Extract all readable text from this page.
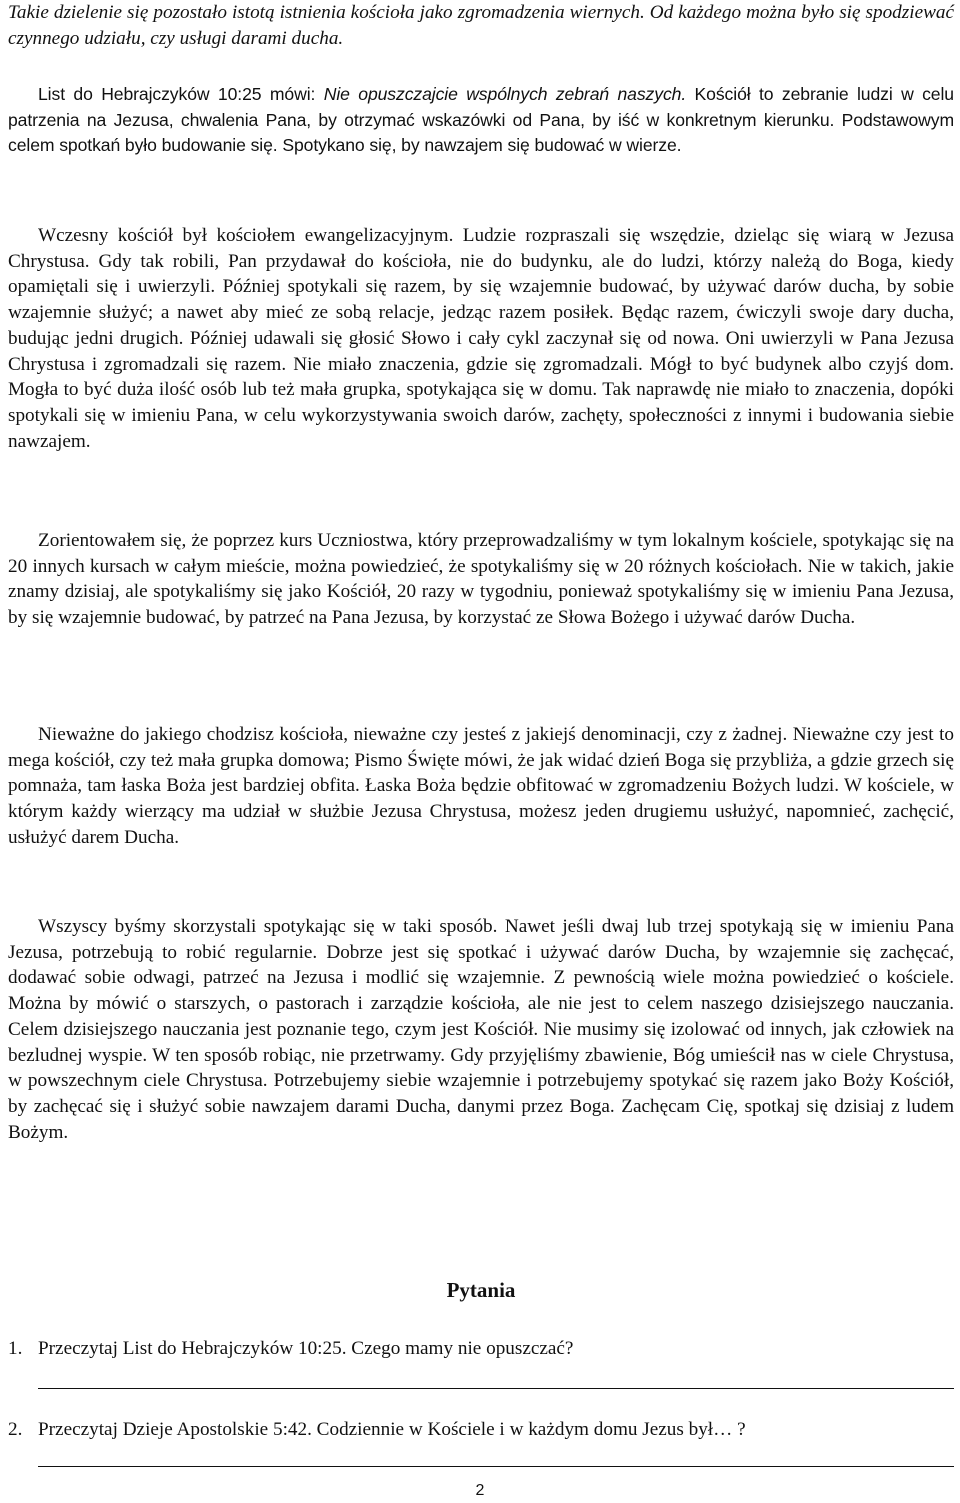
Takie dzielenie się pozostało istotą istnienia kościoła jako zgromadzenia wiernych. Od każdego można było się spodziewać czynnego udziału, czy usługi darami ducha.

List do Hebrajczyków 10:25 mówi: Nie opuszczajcie wspólnych zebrań naszych. Kościół to zebranie ludzi w celu patrzenia na Jezusa, chwalenia Pana, by otrzymać wskazówki od Pana, by iść w konkretnym kierunku. Podstawowym celem spotkań było budowanie się. Spotykano się, by nawzajem się budować w wierze.

Wczesny kościół był kościołem ewangelizacyjnym. Ludzie rozpraszali się wszędzie, dzieląc się wiarą w Jezusa Chrystusa. Gdy tak robili, Pan przydawał do kościoła, nie do budynku, ale do ludzi, którzy należą do Boga, kiedy opamiętali się i uwierzyli. Później spotykali się razem, by się wzajemnie budować, by używać darów ducha, by sobie wzajemnie służyć; a nawet aby mieć ze sobą relacje, jedząc razem posiłek. Będąc razem, ćwiczyli swoje dary ducha, budując jedni drugich. Później udawali się głosić Słowo i cały cykl zaczynał się od nowa. Oni uwierzyli w Pana Jezusa Chrystusa i zgromadzali się razem. Nie miało znaczenia, gdzie się zgromadzali. Mógł to być budynek albo czyjś dom. Mogła to być duża ilość osób lub też mała grupka, spotykająca się w domu. Tak naprawdę nie miało to znaczenia, dopóki spotykali się w imieniu Pana, w celu wykorzystywania swoich darów, zachęty, społeczności z innymi i budowania siebie nawzajem.

Zorientowałem się, że poprzez kurs Uczniostwa, który przeprowadzaliśmy w tym lokalnym kościele, spotykając się na 20 innych kursach w całym mieście, można powiedzieć, że spotykaliśmy się w 20 różnych kościołach. Nie w takich, jakie znamy dzisiaj, ale spotykaliśmy się jako Kościół, 20 razy w tygodniu, ponieważ spotykaliśmy się w imieniu Pana Jezusa, by się wzajemnie budować, by patrzeć na Pana Jezusa, by korzystać ze Słowa Bożego i używać darów Ducha.

Nieważne do jakiego chodzisz kościoła, nieważne czy jesteś z jakiejś denominacji, czy z żadnej. Nieważne czy jest to mega kościół, czy też mała grupka domowa; Pismo Święte mówi, że jak widać dzień Boga się przybliża, a gdzie grzech się pomnaża, tam łaska Boża jest bardziej obfita. Łaska Boża będzie obfitować w zgromadzeniu Bożych ludzi. W kościele, w którym każdy wierzący ma udział w służbie Jezusa Chrystusa, możesz jeden drugiemu usłużyć, napomnieć, zachęcić, usłużyć darem Ducha.

Wszyscy byśmy skorzystali spotykając się w taki sposób. Nawet jeśli dwaj lub trzej spotykają się w imieniu Pana Jezusa, potrzebują to robić regularnie. Dobrze jest się spotkać i używać darów Ducha, by wzajemnie się zachęcać, dodawać sobie odwagi, patrzeć na Jezusa i modlić się wzajemnie. Z pewnością wiele można powiedzieć o kościele. Można by mówić o starszych, o pastorach i zarządzie kościoła, ale nie jest to celem naszego dzisiejszego nauczania. Celem dzisiejszego nauczania jest poznanie tego, czym jest Kościół. Nie musimy się izolować od innych, jak człowiek na bezludnej wyspie. W ten sposób robiąc, nie przetrwamy. Gdy przyjęliśmy zbawienie, Bóg umieścił nas w ciele Chrystusa, w powszechnym ciele Chrystusa. Potrzebujemy siebie wzajemnie i potrzebujemy spotykać się razem jako Boży Kościół, by zachęcać się i służyć sobie nawzajem darami Ducha, danymi przez Boga. Zachęcam Cię, spotkaj się dzisiaj z ludem Bożym.

Pytania
1. Przeczytaj List do Hebrajczyków 10:25. Czego mamy nie opuszczać?
2. Przeczytaj Dzieje Apostolskie 5:42. Codziennie w Kościele i w każdym domu Jezus był… ?
2
